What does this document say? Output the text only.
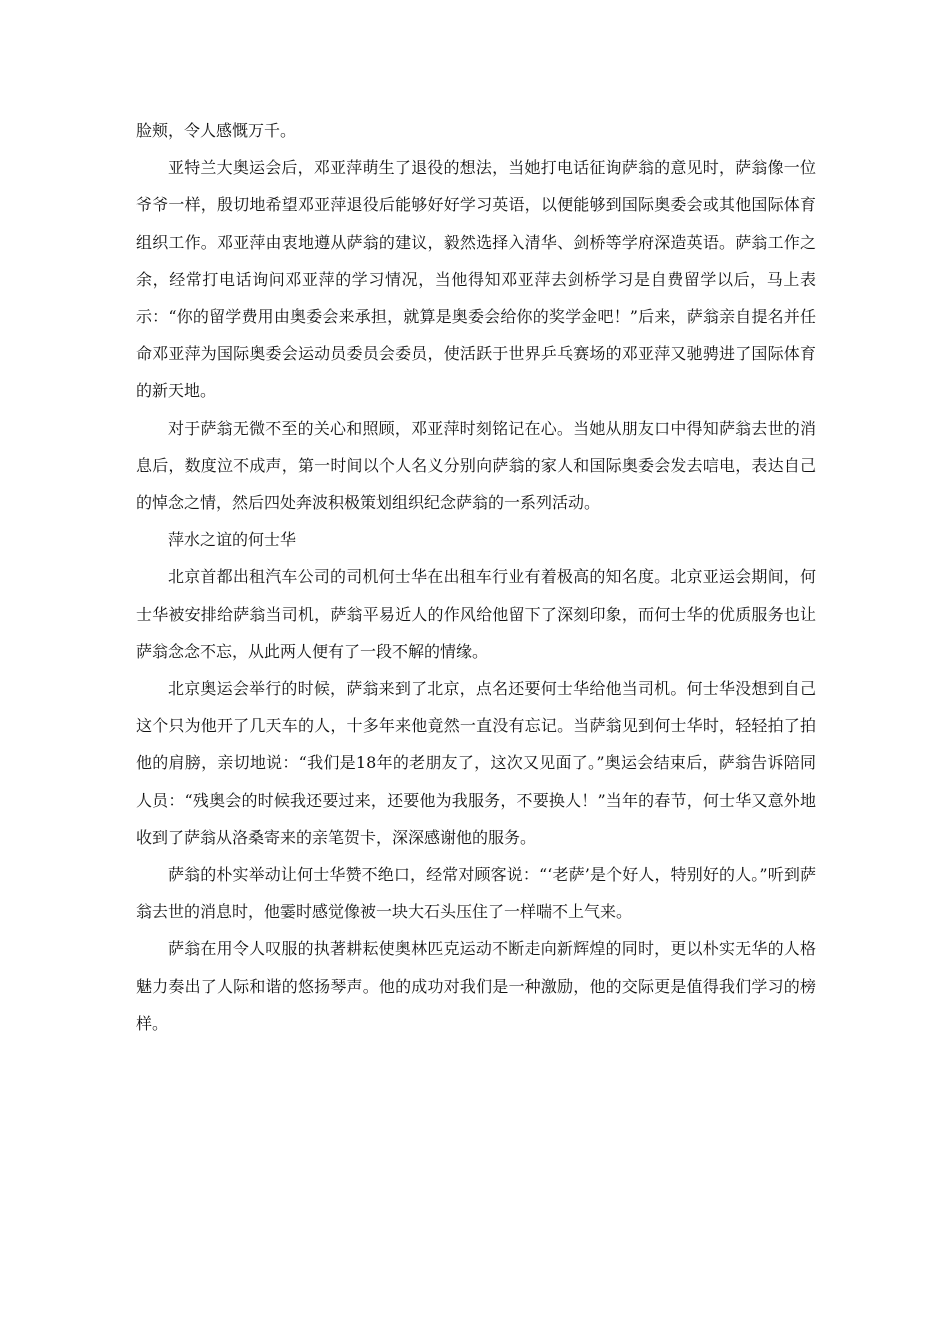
脸颊，令人感慨万千。

亚特兰大奥运会后，邓亚萍萌生了退役的想法，当她打电话征询萨翁的意见时，萨翁像一位爷爷一样，殷切地希望邓亚萍退役后能够好好学习英语，以便能够到国际奥委会或其他国际体育组织工作。邓亚萍由衷地遵从萨翁的建议，毅然选择入清华、剑桥等学府深造英语。萨翁工作之余，经常打电话询问邓亚萍的学习情况，当他得知邓亚萍去剑桥学习是自费留学以后，马上表示：“你的留学费用由奥委会来承担，就算是奥委会给你的奖学金吧！”后来，萨翁亲自提名并任命邓亚萍为国际奥委会运动员委员会委员，使活跃于世界乒乓赛场的邓亚萍又驰骋进了国际体育的新天地。

对于萨翁无微不至的关心和照顾，邓亚萍时刻铭记在心。当她从朋友口中得知萨翁去世的消息后，数度泣不成声，第一时间以个人名义分别向萨翁的家人和国际奥委会发去唁电，表达自己的悼念之情，然后四处奔波积极策划组织纪念萨翁的一系列活动。

萍水之谊的何士华

北京首都出租汽车公司的司机何士华在出租车行业有着极高的知名度。北京亚运会期间，何士华被安排给萨翁当司机，萨翁平易近人的作风给他留下了深刻印象，而何士华的优质服务也让萨翁念念不忘，从此两人便有了一段不解的情缘。

北京奥运会举行的时候，萨翁来到了北京，点名还要何士华给他当司机。何士华没想到自己这个只为他开了几天车的人，十多年来他竟然一直没有忘记。当萨翁见到何士华时，轻轻拍了拍他的肩膀，亲切地说：“我们是18年的老朋友了，这次又见面了。”奥运会结束后，萨翁告诉陪同人员：“残奥会的时候我还要过来，还要他为我服务，不要换人！”当年的春节，何士华又意外地收到了萨翁从洛桑寄来的亲笔贺卡，深深感谢他的服务。

萨翁的朴实举动让何士华赞不绝口，经常对顾客说：“‘老萨’是个好人，特别好的人。”听到萨翁去世的消息时，他霎时感觉像被一块大石头压住了一样喘不上气来。

萨翁在用令人叹服的执著耕耘使奥林匹克运动不断走向新辉煌的同时，更以朴实无华的人格魅力奏出了人际和谐的悠扬琴声。他的成功对我们是一种激励，他的交际更是值得我们学习的榜样。
